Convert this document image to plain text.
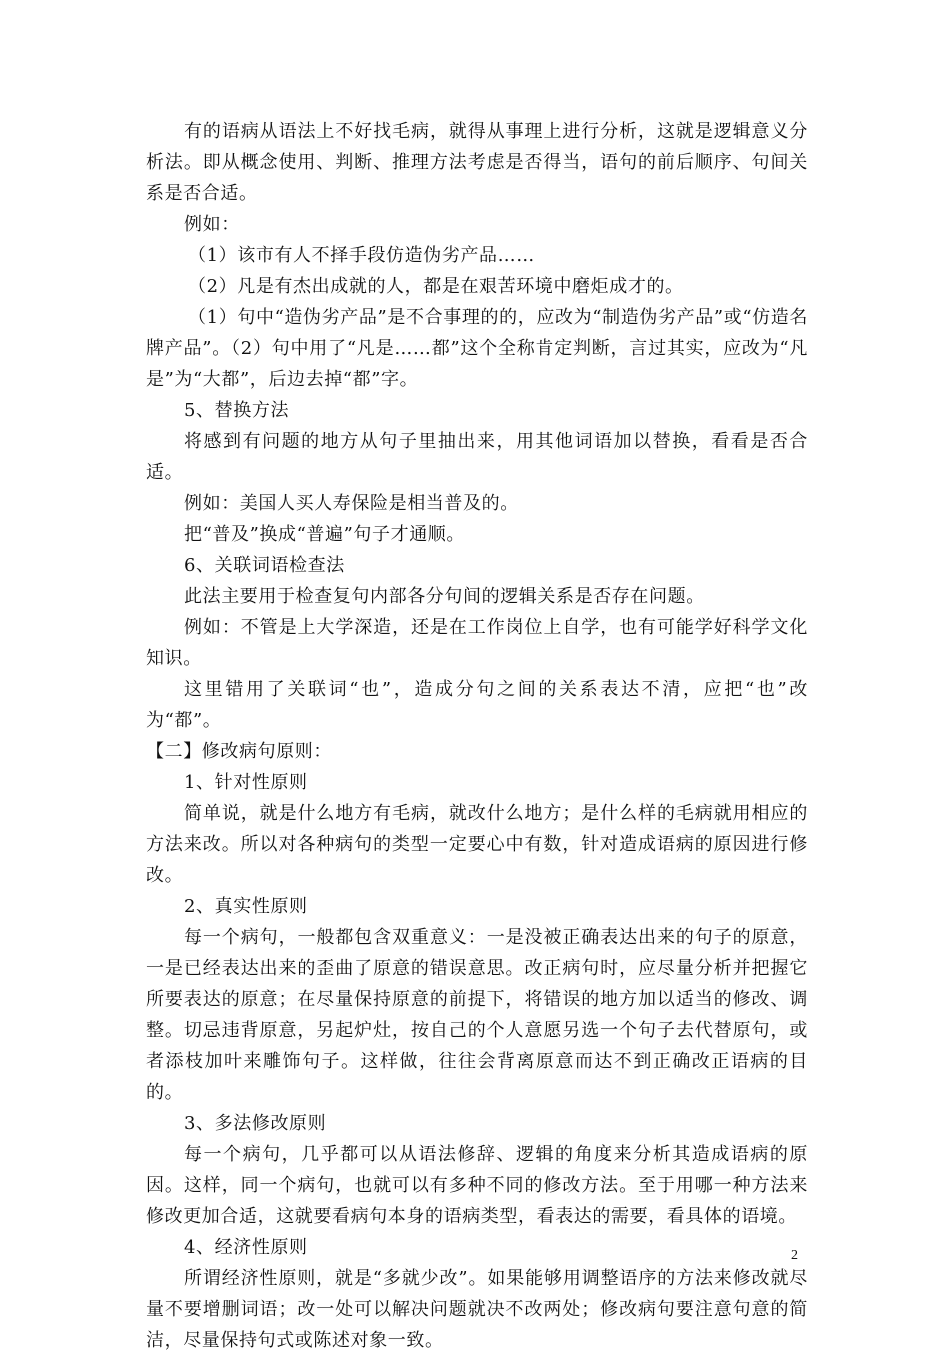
有的语病从语法上不好找毛病，就得从事理上进行分析，这就是逻辑意义分析法。即从概念使用、判断、推理方法考虑是否得当，语句的前后顺序、句间关系是否合适。

例如：

（1）该市有人不择手段仿造伪劣产品……

（2）凡是有杰出成就的人，都是在艰苦环境中磨炬成才的。

（1）句中“造伪劣产品”是不合事理的的，应改为“制造伪劣产品”或“仿造名牌产品”。（2）句中用了“凡是……都”这个全称肯定判断，言过其实，应改为“凡是”为“大都”，后边去掉“都”字。

5、替换方法

将感到有问题的地方从句子里抽出来，用其他词语加以替换，看看是否合适。

例如：美国人买人寿保险是相当普及的。

把“普及”换成“普遍”句子才通顺。

6、关联词语检查法

此法主要用于检查复句内部各分句间的逻辑关系是否存在问题。

例如：不管是上大学深造，还是在工作岗位上自学，也有可能学好科学文化知识。

这里错用了关联词“也”，造成分句之间的关系表达不清，应把“也”改为“都”。

【二】修改病句原则：

1、针对性原则

简单说，就是什么地方有毛病，就改什么地方；是什么样的毛病就用相应的方法来改。所以对各种病句的类型一定要心中有数，针对造成语病的原因进行修改。

2、真实性原则

每一个病句，一般都包含双重意义：一是没被正确表达出来的句子的原意，一是已经表达出来的歪曲了原意的错误意思。改正病句时，应尽量分析并把握它所要表达的原意；在尽量保持原意的前提下，将错误的地方加以适当的修改、调整。切忌违背原意，另起炉灶，按自己的个人意愿另选一个句子去代替原句，或者添枝加叶来雕饰句子。这样做，往往会背离原意而达不到正确改正语病的目的。

3、多法修改原则

每一个病句，几乎都可以从语法修辞、逻辑的角度来分析其造成语病的原因。这样，同一个病句，也就可以有多种不同的修改方法。至于用哪一种方法来修改更加合适，这就要看病句本身的语病类型，看表达的需要，看具体的语境。

4、经济性原则

所谓经济性原则，就是“多就少改”。如果能够用调整语序的方法来修改就尽量不要增删词语；改一处可以解决问题就决不改两处；修改病句要注意句意的简洁，尽量保持句式或陈述对象一致。

2
